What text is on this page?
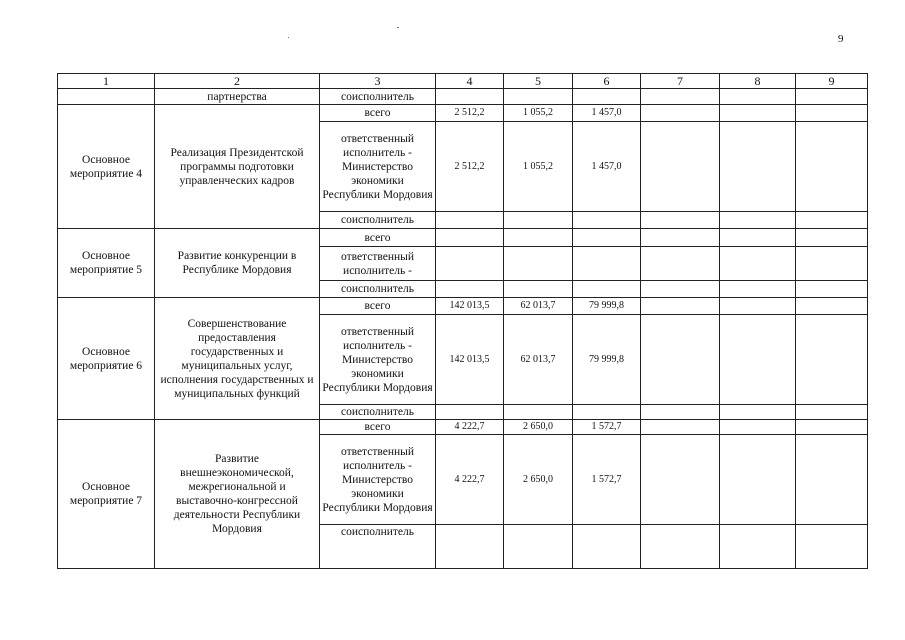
9
1	2	3	4	5	6	7	8	9
	партнерства	соисполнитель						
Основное мероприятие 4	Реализация Президентской программы подготовки управленческих кадров	всего	2 512,2	1 055,2	1 457,0			
		ответственный исполнитель - Министерство экономики Республики Мордовия	2 512,2	1 055,2	1 457,0			
		соисполнитель						
Основное мероприятие 5	Развитие конкуренции в Республике Мордовия	всего						
		ответственный исполнитель -						
		соисполнитель						
Основное мероприятие 6	Совершенствование предоставления государственных и муниципальных услуг, исполнения государственных и муниципальных функций	всего	142 013,5	62 013,7	79 999,8			
		ответственный исполнитель - Министерство экономики Республики Мордовия	142 013,5	62 013,7	79 999,8			
		соисполнитель						
Основное мероприятие 7	Развитие внешнеэкономической, межрегиональной и выставочно-конгрессной деятельности Республики Мордовия	всего	4 222,7	2 650,0	1 572,7			
		ответственный исполнитель - Министерство экономики Республики Мордовия	4 222,7	2 650,0	1 572,7			
		соисполнитель						
